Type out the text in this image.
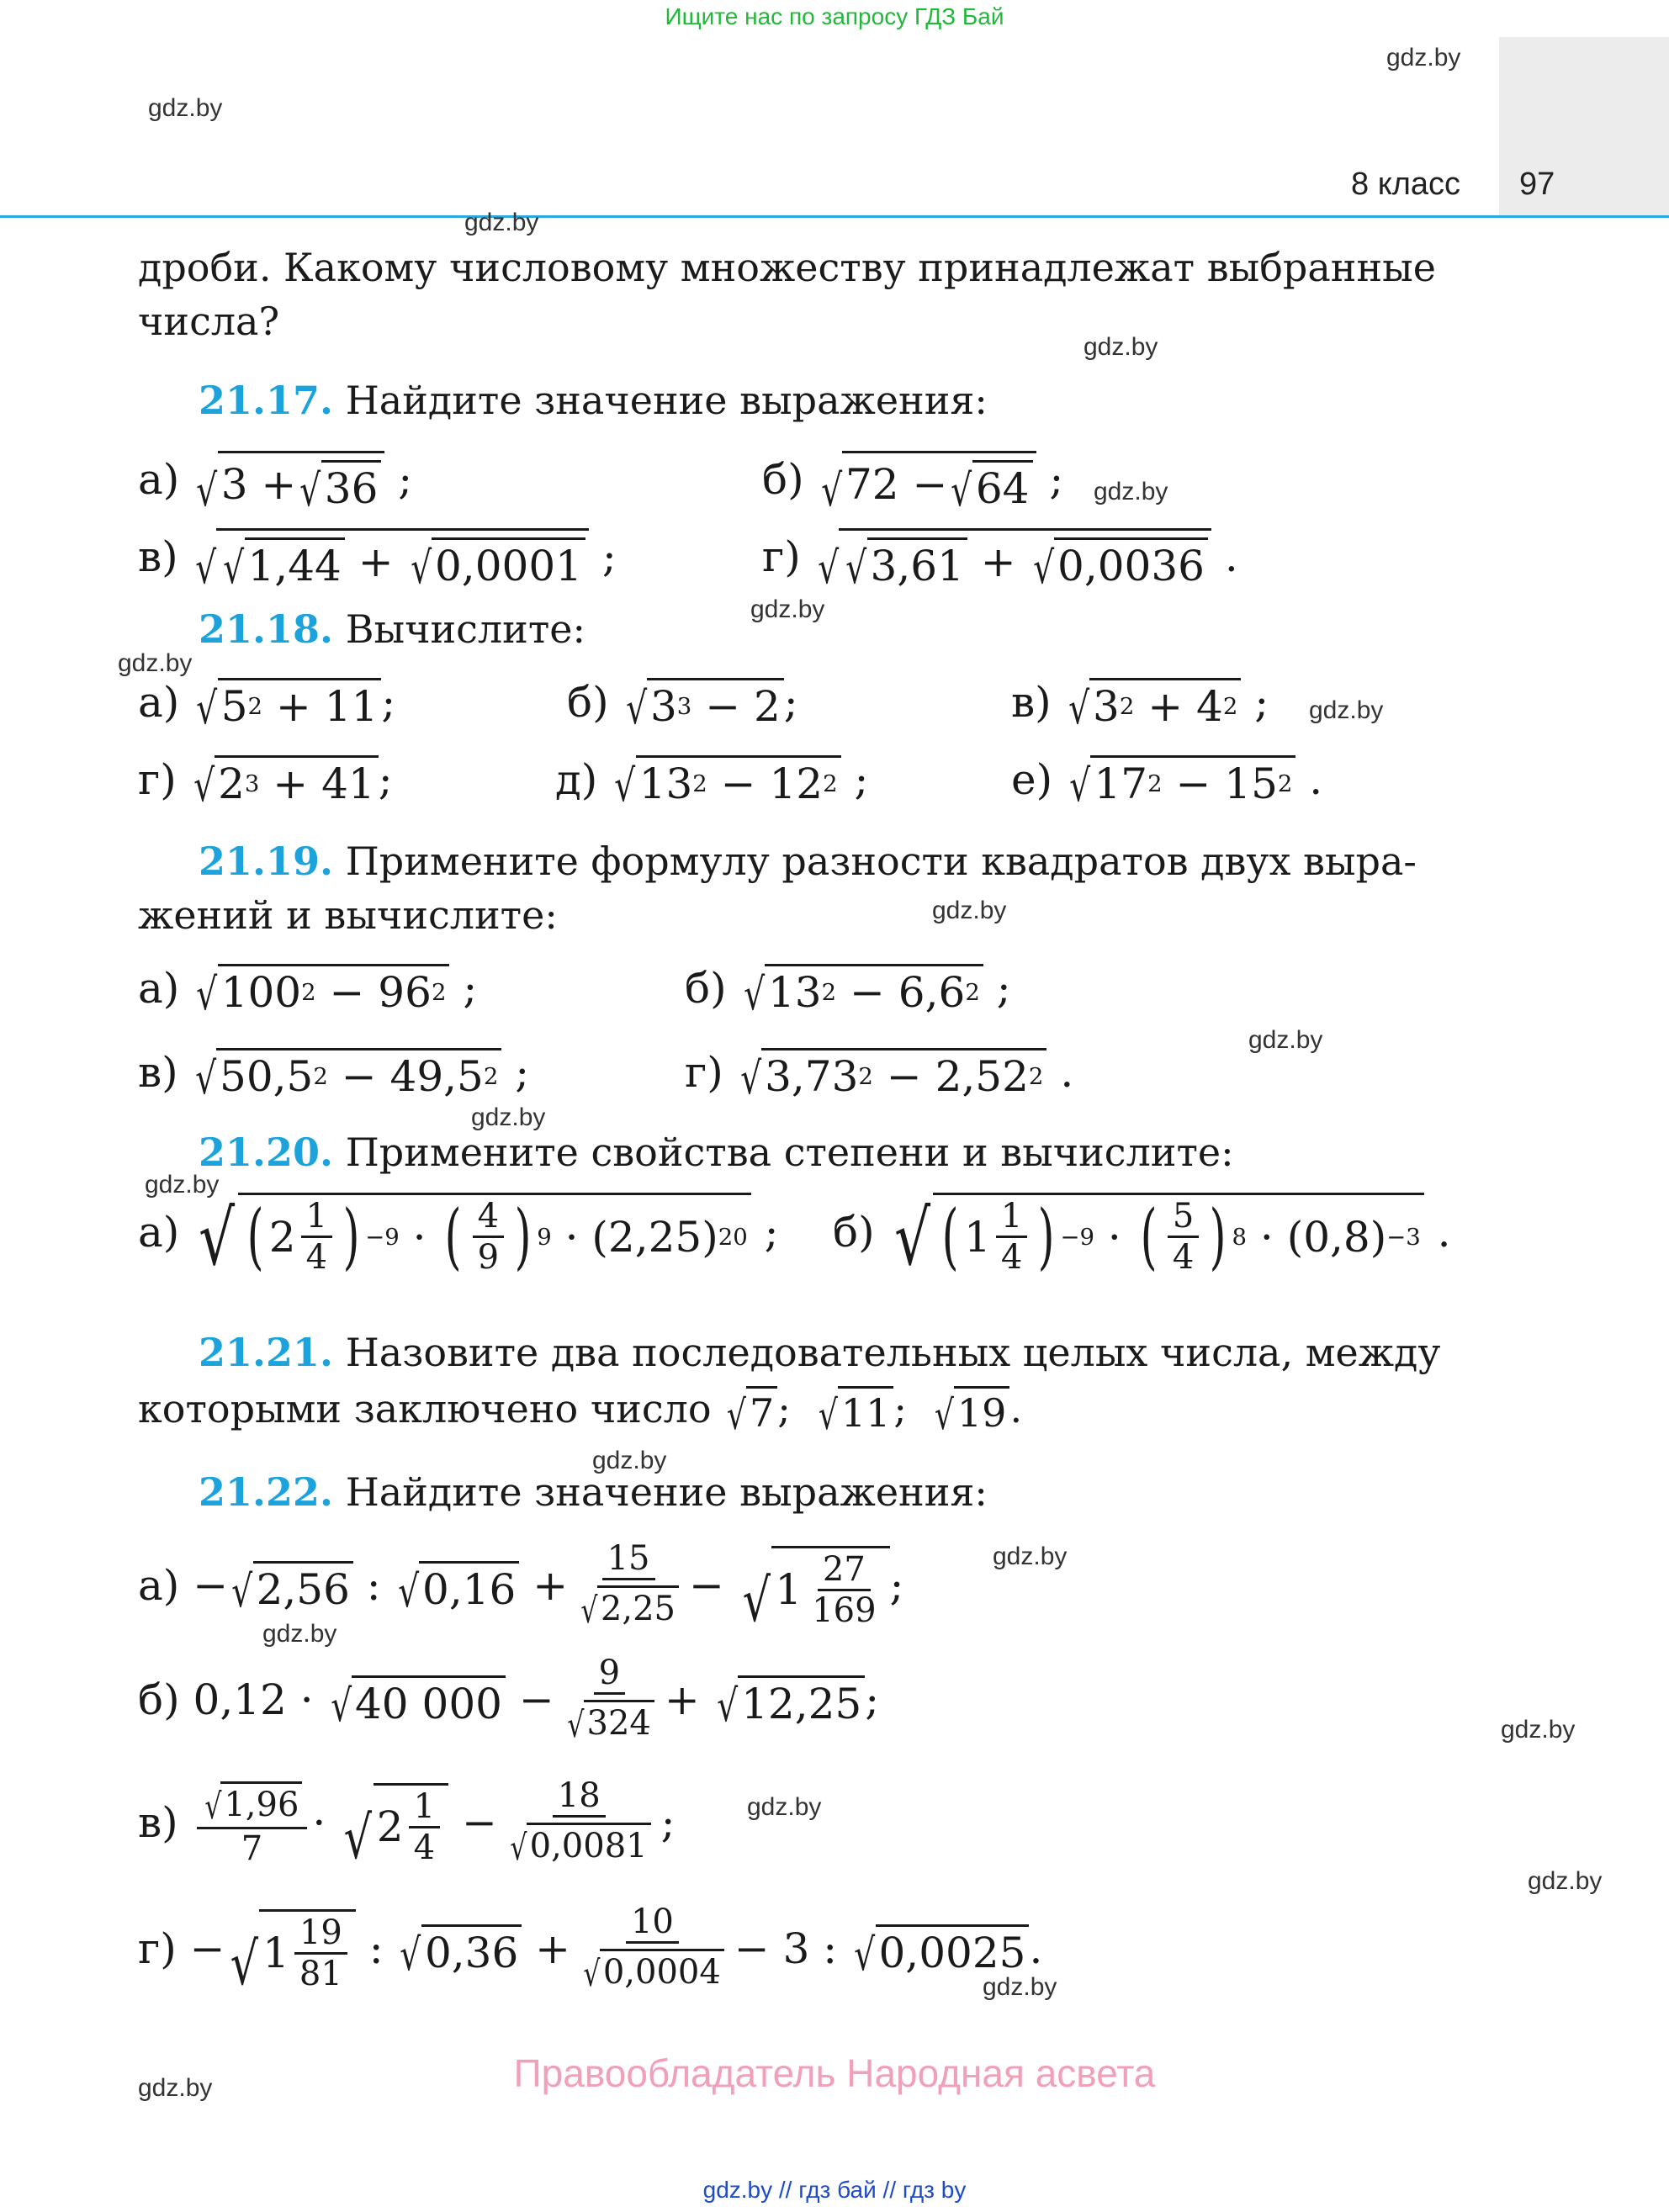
Ищите нас по запросу ГДЗ Бай
8 класс 97
gdz.by
gdz.by
gdz.by
gdz.by
gdz.by
gdz.by
gdz.by
gdz.by
gdz.by
gdz.by
gdz.by
gdz.by
gdz.by
gdz.by
gdz.by
gdz.by
gdz.by
gdz.by
gdz.by
gdz.by
дроби. Какому числовому множеству принадлежат выбранные
числа?
21.17. Найдите значение выражения:
а) √ 3 + √ 36 ;	б) √ 72 − √ 64 ;
в) √ √ 1,44 + √ 0,0001 ;	г) √ √ 3,61 + √ 0,0036 .
21.18. Вычислите:
а) √ 5 2 + 11 ;	б) √ 3 3 − 2 ;	в) √ 3 2 + 4 2 ;
г) √ 2 3 + 41 ;	д) √ 13 2 − 12 2 ;	е) √ 17 2 − 15 2 .
21.19. Примените формулу разности квадратов двух выра-
жений и вычислите:
а) √ 100 2 − 96 2 ;	б) √ 13 2 − 6,6 2 ;
в) √ 50,5 2 − 49,5 2 ;	г) √ 3,73 2 − 2,52 2 .
21.20. Примените свойства степени и вычислите:
а) √ ( $2 \frac{1}{4}$ ) −9 · ( $\frac{4}{9}$ ) 9 · (2,25) 20 ; б) √ ( $1 \frac{1}{4}$ ) −9 · ( $\frac{5}{4}$ ) 8 · (0,8) −3 .
21.21. Назовите два последовательных целых числа, между
которыми заключено число
√ 7 ; √ 11 ; √ 19 .
21.22. Найдите значение выражения:
а) − √ 2,56 : √ $0,16 + \frac{15}{√ 2,25}$ − √ $1 \frac{27}{169}$ ;
б) 0,12 · √ 40 $000 - \frac{9}{√ 324}$ + √ 12,25 ;
$в) \frac{√ 1,96}{7}$ · √ $2 \frac{1}{4} - \frac{18}{√ 0,0081}$ ;
г) − √ $1 \frac{19}{81}$ : √ $0,36 + \frac{10}{√ 0,0004} - 3$ : √ 0,0025 .
Правообладатель Народная асвета
gdz.by // гдз бай // гдз by
